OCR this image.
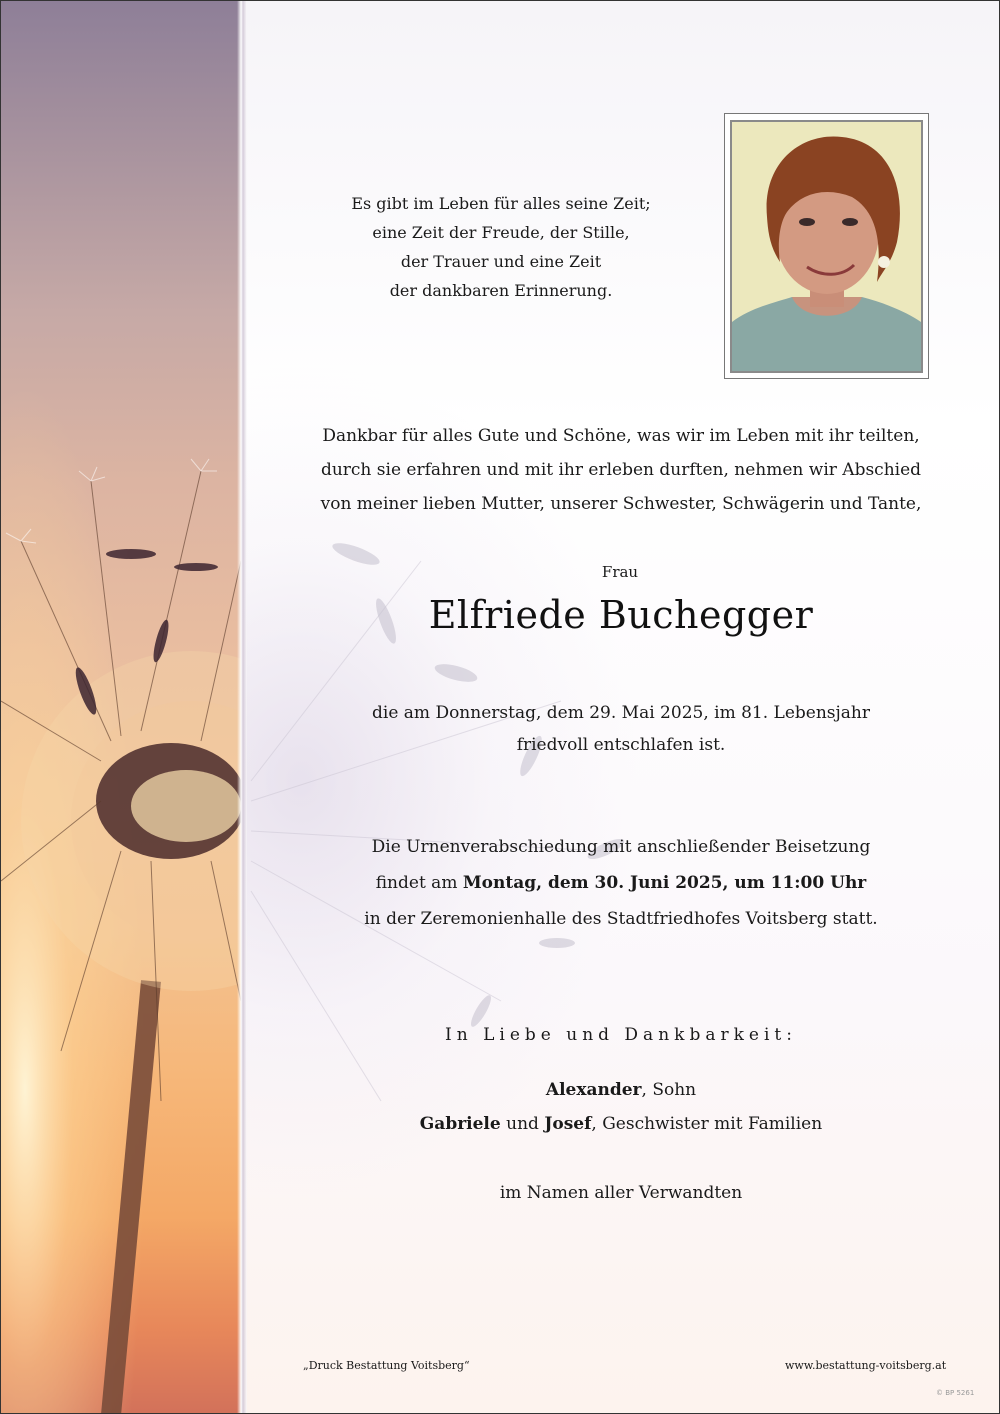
Es gibt im Leben für alles seine Zeit;
eine Zeit der Freude, der Stille,
der Trauer und eine Zeit
der dankbaren Erinnerung.
Dankbar für alles Gute und Schöne, was wir im Leben mit ihr teilten,
durch sie erfahren und mit ihr erleben durften, nehmen wir Abschied
von meiner lieben Mutter, unserer Schwester, Schwägerin und Tante,
Frau
Elfriede Buchegger
die am Donnerstag, dem 29. Mai 2025, im 81. Lebensjahr
friedvoll entschlafen ist.
Die Urnenverabschiedung mit anschließender Beisetzung
findet am Montag, dem 30. Juni 2025, um 11:00 Uhr
in der Zeremonienhalle des Stadtfriedhofes Voitsberg statt.
In Liebe und Dankbarkeit:
Alexander, Sohn
Gabriele und Josef, Geschwister mit Familien
im Namen aller Verwandten
„Druck Bestattung Voitsberg“	www.bestattung-voitsberg.at
© BP 5261
